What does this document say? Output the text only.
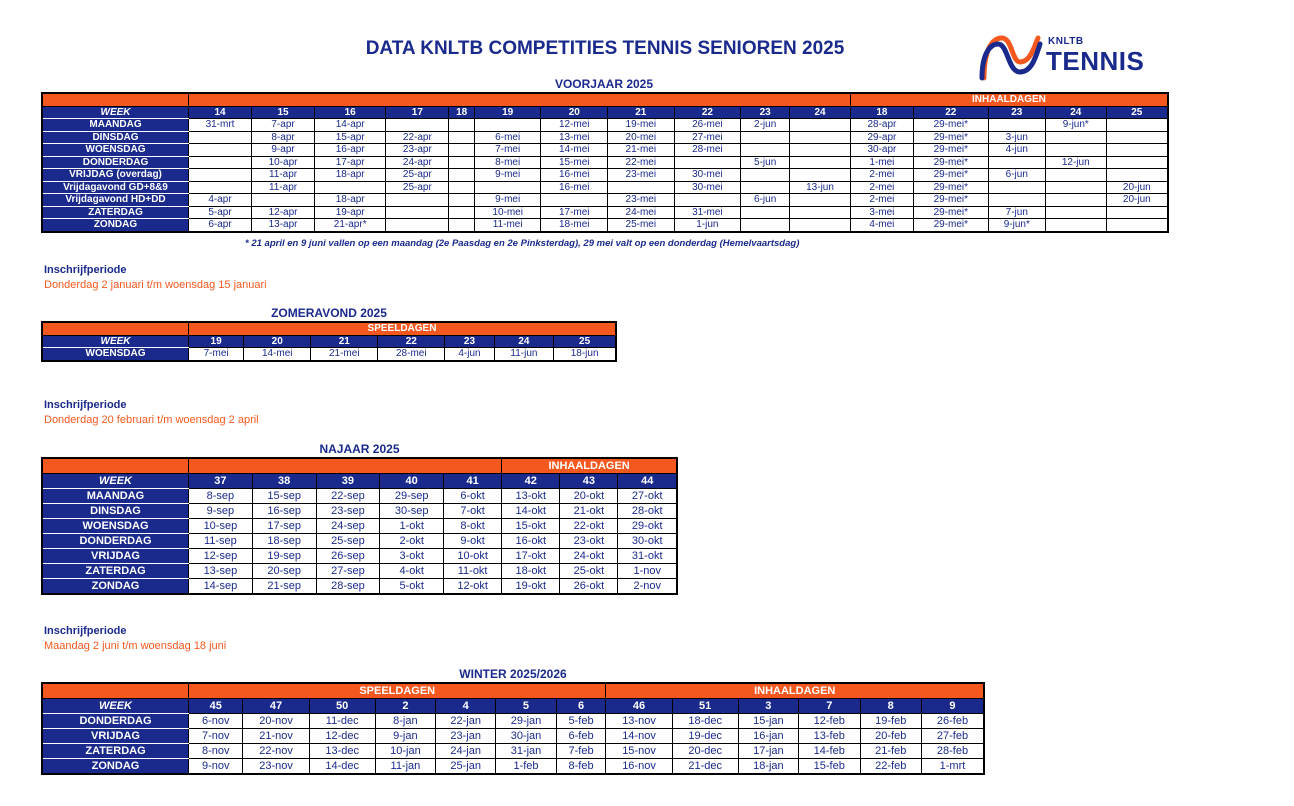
DATA KNLTB COMPETITIES TENNIS SENIOREN 2025	KNLTB
TENNIS
VOORJAAR 2025
												INHAALDAGEN				
WEEK	14	15	16	17	18	19	20	21	22	23	24	18	22	23	24	25
MAANDAG	31-mrt	7-apr	14-apr				12-mei	19-mei	26-mei	2-jun		28-apr	29-mei*		9-jun*	
DINSDAG		8-apr	15-apr	22-apr		6-mei	13-mei	20-mei	27-mei			29-apr	29-mei*	3-jun		
WOENSDAG		9-apr	16-apr	23-apr		7-mei	14-mei	21-mei	28-mei			30-apr	29-mei*	4-jun		
DONDERDAG		10-apr	17-apr	24-apr		8-mei	15-mei	22-mei		5-jun		1-mei	29-mei*		12-jun	
VRIJDAG (overdag)		11-apr	18-apr	25-apr		9-mei	16-mei	23-mei	30-mei			2-mei	29-mei*	6-jun		
Vrijdagavond GD+8&9		11-apr		25-apr			16-mei		30-mei		13-jun	2-mei	29-mei*			20-jun
Vrijdagavond HD+DD	4-apr		18-apr			9-mei		23-mei		6-jun		2-mei	29-mei*			20-jun
ZATERDAG	5-apr	12-apr	19-apr			10-mei	17-mei	24-mei	31-mei			3-mei	29-mei*	7-jun		
ZONDAG	6-apr	13-apr	21-apr*			11-mei	18-mei	25-mei	1-jun			4-mei	29-mei*	9-jun*		
* 21 april en 9 juni vallen op een maandag (2e Paasdag en 2e Pinksterdag), 29 mei valt op een donderdag (Hemelvaartsdag)
Inschrijfperiode
Donderdag 2 januari t/m woensdag 15 januari
ZOMERAVOND 2025
	SPEELDAGEN						
WEEK	19	20	21	22	23	24	25
WOENSDAG	7-mei	14-mei	21-mei	28-mei	4-jun	11-jun	18-jun
Inschrijfperiode
Donderdag 20 februari t/m woensdag 2 april
NAJAAR 2025
						INHAALDAGEN		
WEEK	37	38	39	40	41	42	43	44
MAANDAG	8-sep	15-sep	22-sep	29-sep	6-okt	13-okt	20-okt	27-okt
DINSDAG	9-sep	16-sep	23-sep	30-sep	7-okt	14-okt	21-okt	28-okt
WOENSDAG	10-sep	17-sep	24-sep	1-okt	8-okt	15-okt	22-okt	29-okt
DONDERDAG	11-sep	18-sep	25-sep	2-okt	9-okt	16-okt	23-okt	30-okt
VRIJDAG	12-sep	19-sep	26-sep	3-okt	10-okt	17-okt	24-okt	31-okt
ZATERDAG	13-sep	20-sep	27-sep	4-okt	11-okt	18-okt	25-okt	1-nov
ZONDAG	14-sep	21-sep	28-sep	5-okt	12-okt	19-okt	26-okt	2-nov
Inschrijfperiode
Maandag 2 juni t/m woensdag 18 juni
WINTER 2025/2026
	SPEELDAGEN							INHAALDAGEN					
WEEK	45	47	50	2	4	5	6	46	51	3	7	8	9
DONDERDAG	6-nov	20-nov	11-dec	8-jan	22-jan	29-jan	5-feb	13-nov	18-dec	15-jan	12-feb	19-feb	26-feb
VRIJDAG	7-nov	21-nov	12-dec	9-jan	23-jan	30-jan	6-feb	14-nov	19-dec	16-jan	13-feb	20-feb	27-feb
ZATERDAG	8-nov	22-nov	13-dec	10-jan	24-jan	31-jan	7-feb	15-nov	20-dec	17-jan	14-feb	21-feb	28-feb
ZONDAG	9-nov	23-nov	14-dec	11-jan	25-jan	1-feb	8-feb	16-nov	21-dec	18-jan	15-feb	22-feb	1-mrt
